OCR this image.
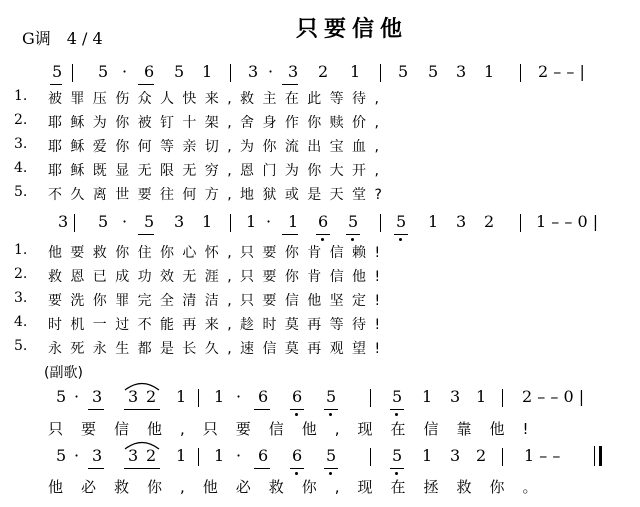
G调　4 / 4	只要信他
5 5 · 6 5 1 3 · 3 2 1 5 5 3 1	2 – – |
1. 被罪压伤众人快来,救主在此等待,
2. 耶稣为你被钉十架,舍身作你赎价,
3. 耶稣爱你何等亲切,为你流出宝血,
4. 耶稣既显无限无穷,恩门为你大开,
5. 不久离世要往何方,地狱或是天堂?
3 5 · 5 3 1 1 · 1 6 5 5 1 3 2	1 – – 0 |
1. 他要救你住你心怀,只要你肯信赖!
2. 救恩已成功效无涯,只要你肯信他!
3. 要洗你罪完全清洁,只要信他坚定!
4. 时机一过不能再来,趁时莫再等待!
5. 永死永生都是长久,速信莫再观望!
(副歌)
5 · 3 3 2 1 1 · 6 6 5	5 1 3 1 2 – – 0 |
只要信他,只要信他,现在信靠他!
5 · 3 3 2 1 1 · 6 6 5	5 1 3 2 1 – –
他必救你,他必救你,现在拯救你。
